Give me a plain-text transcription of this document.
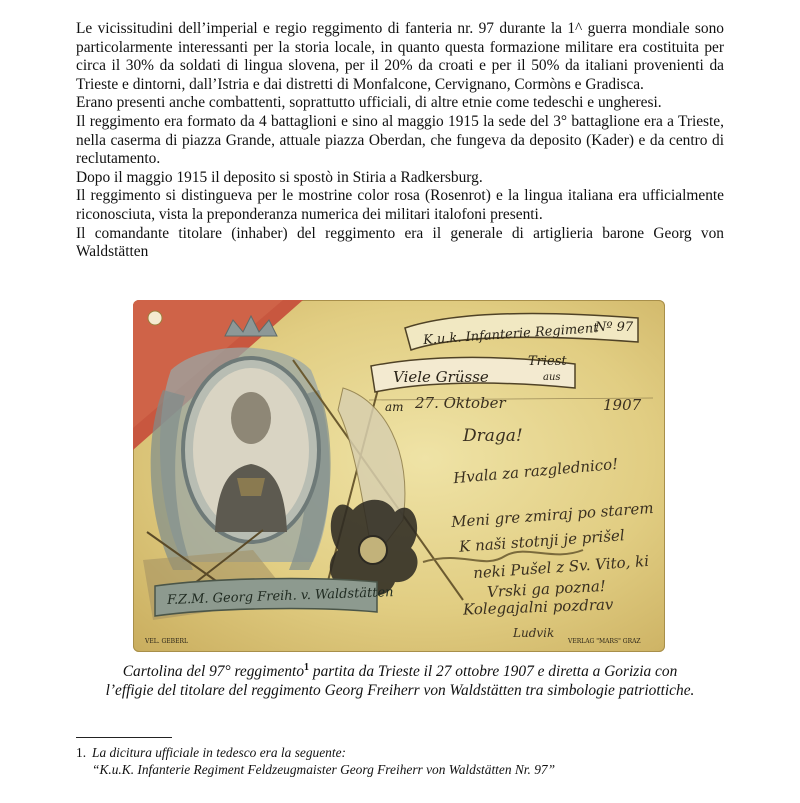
Le vicissitudini dell’imperial e regio reggimento di fanteria nr. 97 durante la 1^ guerra mondiale sono particolarmente interessanti per la storia locale, in quanto questa formazione militare era costituita per circa il 30% da soldati di lingua slovena, per il 20% da croati e per il 50% da italiani provenienti da Trieste e dintorni, dall’Istria e dai distretti di Monfalcone, Cervignano, Cormòns e Gradisca.

Erano presenti anche combattenti, soprattutto ufficiali, di altre etnie come tedeschi e ungheresi.

Il reggimento era formato da 4 battaglioni e sino al maggio 1915 la sede del 3° battaglione era a Trieste, nella caserma di piazza Grande, attuale piazza Oberdan, che fungeva da deposito (Kader) e da centro di reclutamento.

Dopo il maggio 1915 il deposito si spostò in Stiria a Radkersburg.

Il reggimento si distingueva per le mostrine color rosa (Rosenrot) e la lingua italiana era ufficialmente riconosciuta, vista la preponderanza numerica dei militari italofoni presenti.

Il comandante titolare (inhaber) del reggimento era il generale di artiglieria barone Georg von Waldstätten

K.u.k. Infanterie Regiment
Nº 97
Viele Grüsse
Triest
aus
am 27. Oktober	1907
Draga!
Hvala za razglednico!
Meni gre zmiraj po starem
K naši stotnji je prišel
neki Pušel z Sv. Vito, ki
Vrski ga pozna!
Kolegajalni pozdrav
Ludvik
F.Z.M. Georg Freih. v. Waldstätten
VEL. GEBERL	VERLAG "MARS" GRAZ
Cartolina del 97° reggimento$^1$ partita da Trieste il 27 ottobre 1907 e diretta a Gorizia con
l’effigie del titolare del reggimento Georg Freiherr von Waldstätten tra simbologie patriottiche.
1. La dicitura ufficiale in tedesco era la seguente:
“K.u.K. Infanterie Regiment Feldzeugmaister Georg Freiherr von Waldstätten Nr. 97”
